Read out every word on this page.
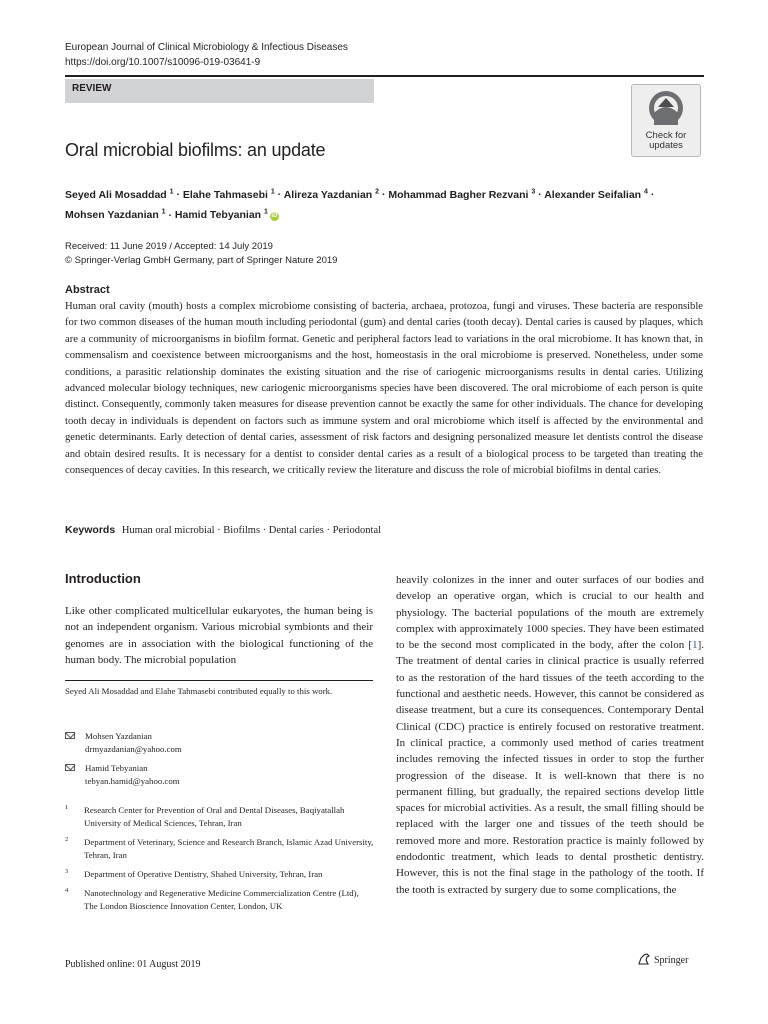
European Journal of Clinical Microbiology & Infectious Diseases
https://doi.org/10.1007/s10096-019-03641-9
REVIEW
Check for
updates
Oral microbial biofilms: an update
Seyed Ali Mosaddad $^1$ · Elahe Tahmasebi $^1$ · Alireza Yazdanian $^2$ · Mohammad Bagher Rezvani $^3$ · Alexander Seifalian $^4$ ·
Mohsen Yazdanian $^1$ · Hamid Tebyanian $^1$iD
Received: 11 June 2019 / Accepted: 14 July 2019
© Springer-Verlag GmbH Germany, part of Springer Nature 2019
Abstract
Human oral cavity (mouth) hosts a complex microbiome consisting of bacteria, archaea, protozoa, fungi and viruses. These bacteria are responsible for two common diseases of the human mouth including periodontal (gum) and dental caries (tooth decay). Dental caries is caused by plaques, which are a community of microorganisms in biofilm format. Genetic and peripheral factors lead to variations in the oral microbiome. It has known that, in commensalism and coexistence between microorganisms and the host, homeostasis in the oral microbiome is preserved. Nonetheless, under some conditions, a parasitic relationship dominates the existing situation and the rise of cariogenic microorganisms results in dental caries. Utilizing advanced molecular biology techniques, new cariogenic microorganisms species have been discovered. The oral microbiome of each person is quite distinct. Consequently, commonly taken measures for disease prevention cannot be exactly the same for other individuals. The chance for developing tooth decay in individuals is dependent on factors such as immune system and oral microbiome which itself is affected by the environmental and genetic determinants. Early detection of dental caries, assessment of risk factors and designing personalized measure let dentists control the disease and obtain desired results. It is necessary for a dentist to consider dental caries as a result of a biological process to be targeted than treating the consequences of decay cavities. In this research, we critically review the literature and discuss the role of microbial biofilms in dental caries.
Keywords Human oral microbial · Biofilms · Dental caries · Periodontal
Introduction
Like other complicated multicellular eukaryotes, the human being is not an independent organism. Various microbial symbionts and their genomes are in association with the biological functioning of the human body. The microbial population
heavily colonizes in the inner and outer surfaces of our bodies and develop an operative organ, which is crucial to our health and physiology. The bacterial populations of the mouth are extremely complex with approximately 1000 species. They have been estimated to be the second most complicated in the body, after the colon [1]. The treatment of dental caries in clinical practice is usually referred to as the restoration of the hard tissues of the teeth according to the functional and aesthetic needs. However, this cannot be considered as disease treatment, but a cure its consequences. Contemporary Dental Clinical (CDC) practice is entirely focused on restorative treatment. In clinical practice, a commonly used method of caries treatment includes removing the infected tissues in order to stop the further progression of the disease. It is well-known that there is no permanent filling, but gradually, the repaired sections develop little spaces for microbial activities. As a result, the small filling should be replaced with the larger one and tissues of the teeth should be removed more and more. Restoration practice is mainly followed by endodontic treatment, which leads to dental prosthetic dentistry. However, this is not the final stage in the pathology of the tooth. If the tooth is extracted by surgery due to some complications, the
Seyed Ali Mosaddad and Elahe Tahmasebi contributed equally to this work.
Mohsen Yazdanian
drmyazdanian@yahoo.com
Hamid Tebyanian
tebyan.hamid@yahoo.com
1 Research Center for Prevention of Oral and Dental Diseases, Baqiyatallah University of Medical Sciences, Tehran, Iran
2 Department of Veterinary, Science and Research Branch, Islamic Azad University, Tehran, Iran
3 Department of Operative Dentistry, Shahed University, Tehran, Iran
4 Nanotechnology and Regenerative Medicine Commercialization Centre (Ltd), The London Bioscience Innovation Center, London, UK
Published online: 01 August 2019	Springer
